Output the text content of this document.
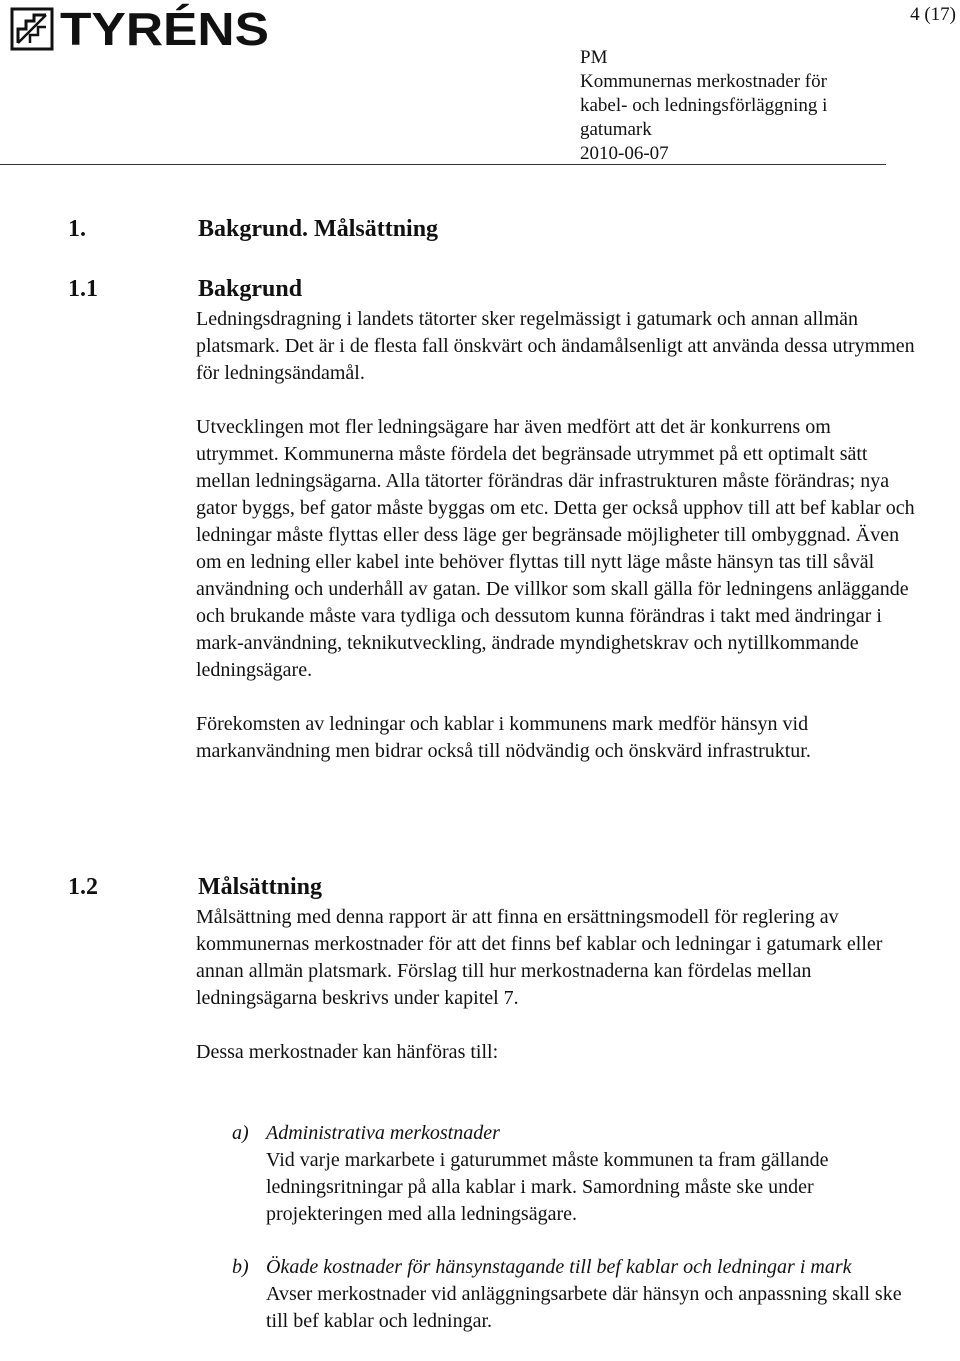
TYRÉNS	4 (17)
PM
Kommunernas merkostnader för
kabel- och ledningsförläggning i
gatumark
2010-06-07
1.	Bakgrund. Målsättning
1.1	Bakgrund

Ledningsdragning i landets tätorter sker regelmässigt i gatumark och annan allmän platsmark. Det är i de flesta fall önskvärt och ändamålsenligt att använda dessa utrymmen för ledningsändamål.

Utvecklingen mot fler ledningsägare har även medfört att det är konkurrens om utrymmet. Kommunerna måste fördela det begränsade utrymmet på ett optimalt sätt mellan ledningsägarna. Alla tätorter förändras där infrastrukturen måste förändras; nya gator byggs, bef gator måste byggas om etc. Detta ger också upphov till att bef kablar och ledningar måste flyttas eller dess läge ger begränsade möjligheter till ombyggnad. Även om en ledning eller kabel inte behöver flyttas till nytt läge måste hänsyn tas till såväl användning och underhåll av gatan. De villkor som skall gälla för ledningens anläggande och brukande måste vara tydliga och dessutom kunna förändras i takt med ändringar i mark-användning, teknikutveckling, ändrade myndighetskrav och nytillkommande ledningsägare.

Förekomsten av ledningar och kablar i kommunens mark medför hänsyn vid markanvändning men bidrar också till nödvändig och önskvärd infrastruktur.

1.2	Målsättning

Målsättning med denna rapport är att finna en ersättningsmodell för reglering av kommunernas merkostnader för att det finns bef kablar och ledningar i gatumark eller annan allmän platsmark. Förslag till hur merkostnaderna kan fördelas mellan ledningsägarna beskrivs under kapitel 7.

Dessa merkostnader kan hänföras till:

a) Administrativa merkostnader
Vid varje markarbete i gaturummet måste kommunen ta fram gällande ledningsritningar på alla kablar i mark. Samordning måste ske under projekteringen med alla ledningsägare.
b) Ökade kostnader för hänsynstagande till bef kablar och ledningar i mark
Avser merkostnader vid anläggningsarbete där hänsyn och anpassning skall ske till bef kablar och ledningar.
